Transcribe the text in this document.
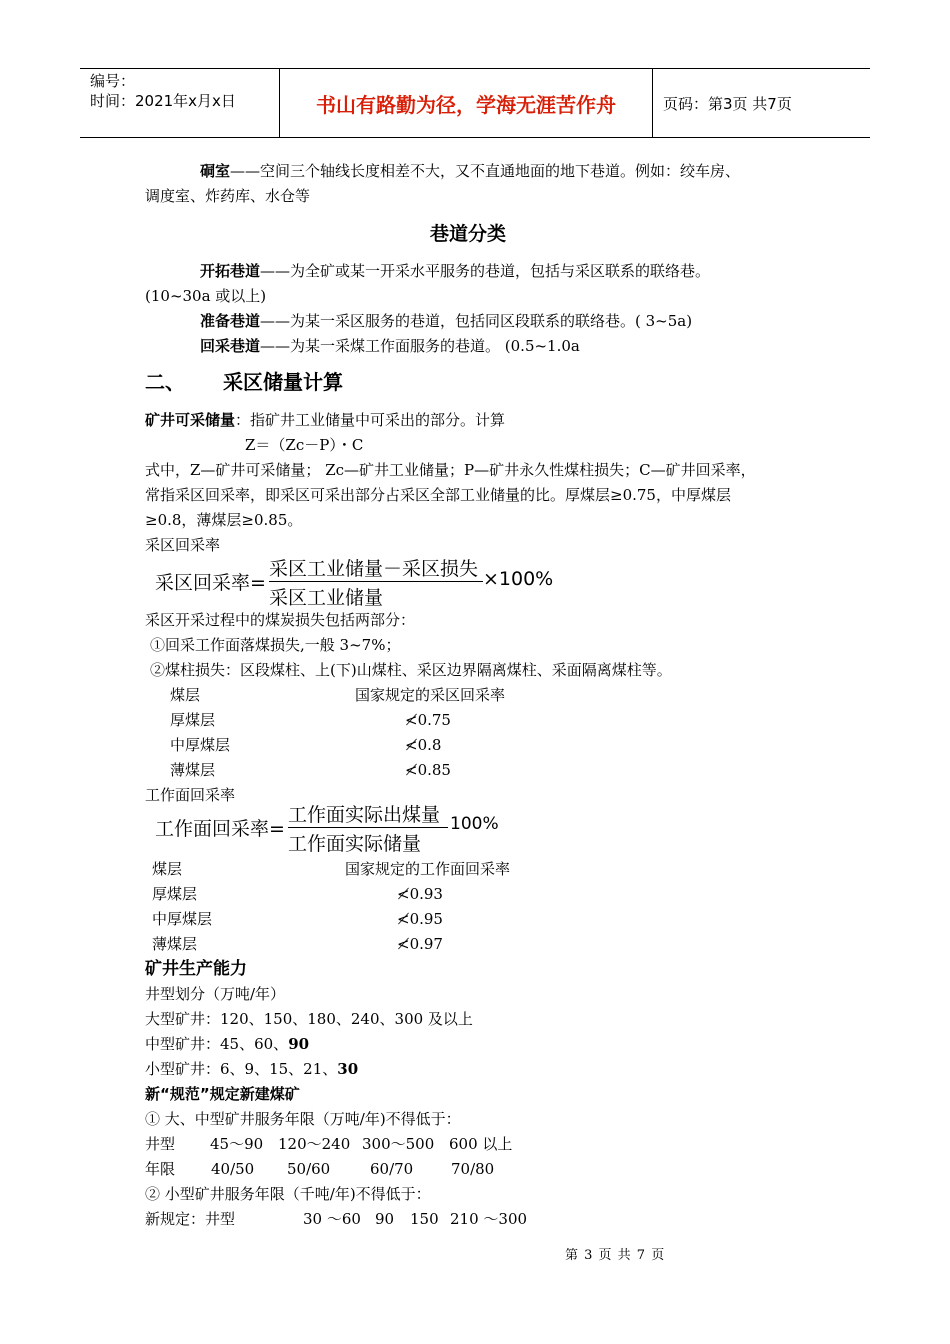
编号：
时间：2021年x月x日	书山有路勤为径，学海无涯苦作舟	页码：第3页 共7页
硐室——空间三个轴线长度相差不大，又不直通地面的地下巷道。例如：绞车房、
调度室、炸药库、水仓等
巷道分类
开拓巷道——为全矿或某一开采水平服务的巷道，包括与采区联系的联络巷。
(10~30a 或以上)
准备巷道——为某一采区服务的巷道，包括同区段联系的联络巷。( 3~5a)
回采巷道——为某一采煤工作面服务的巷道。 (0.5~1.0a
二、 采区储量计算
矿井可采储量：指矿井工业储量中可采出的部分。计算
Z＝（Zc－P）・C
式中，Z—矿井可采储量； Zc—矿井工业储量；P—矿井永久性煤柱损失；C—矿井回采率，
常指采区回采率，即采区可采出部分占采区全部工业储量的比。厚煤层≥0.75，中厚煤层
≥0.8，薄煤层≥0.85。
采区回采率
采区回采率=
采区工业储量－采区损失
采区工业储量
×100%
采区开采过程中的煤炭损失包括两部分：
①回采工作面落煤损失,一般 3~7%；
②煤柱损失：区段煤柱、上(下)山煤柱、采区边界隔离煤柱、采面隔离煤柱等。
煤层	国家规定的采区回采率
厚煤层	≮0.75
中厚煤层	≮0.8
薄煤层	≮0.85
工作面回采率
工作面回采率=
工作面实际出煤量
工作面实际储量
100%
煤层	国家规定的工作面回采率
厚煤层	≮0.93
中厚煤层	≮0.95
薄煤层	≮0.97
矿井生产能力
井型划分（万吨/年）
大型矿井：120、150、180、240、300 及以上
中型矿井：45、60、90
小型矿井：6、9、15、21、30
新“规范”规定新建煤矿
① 大、中型矿井服务年限（万吨/年)不得低于：
井型 45～90 120～240 300～500 600 以上
年限 40/50 50/60	60/70	70/80
② 小型矿井服务年限（千吨/年)不得低于：
新规定：井型	30 ～60 90 150 210 ～300
第 3 页 共 7 页
